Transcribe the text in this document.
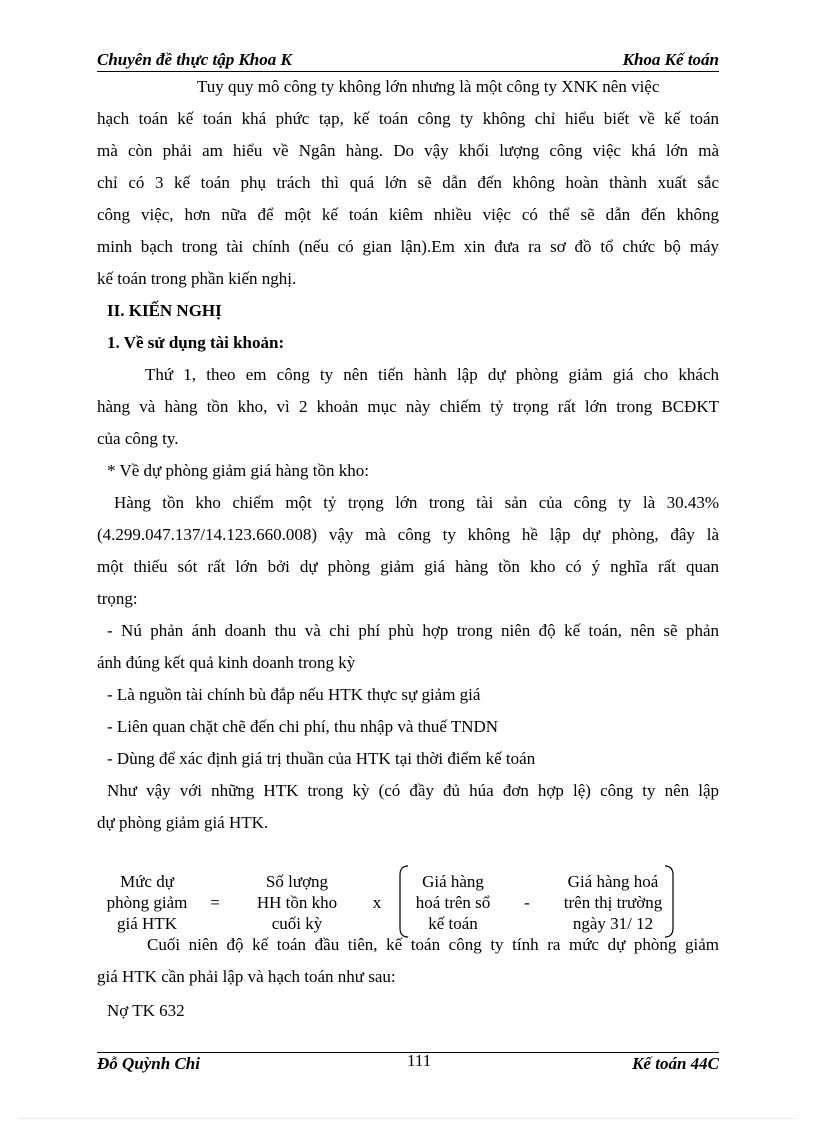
Chuyên đề thực tập Khoa K	Khoa Kế toán
Tuy quy mô công ty không lớn nhưng là một công ty XNK nên việc
hạch toán kế toán khá phức tạp, kế toán công ty không chỉ hiểu biết về kế toán
mà còn phải am hiểu về Ngân hàng. Do vậy khối lượng công việc khá lớn mà
chỉ có 3 kế toán phụ trách thì quá lớn sẽ dẫn đến không hoàn thành xuất sắc
công việc, hơn nữa để một kế toán kiêm nhiều việc có thể sẽ dẫn đến không
minh bạch trong tài chính (nếu có gian lận).Em xin đưa ra sơ đồ tổ chức bộ máy
kế toán trong phần kiến nghị.
II. KIẾN NGHỊ
1. Về sử dụng tài khoản:
Thứ 1, theo em công ty nên tiến hành lập dự phòng giảm giá cho khách
hàng và hàng tồn kho, vì 2 khoản mục này chiếm tỷ trọng rất lớn trong BCĐKT
của công ty.
* Về dự phòng giảm giá hàng tồn kho:
Hàng tồn kho chiếm một tỷ trọng lớn trong tài sản của công ty là 30.43%
(4.299.047.137/14.123.660.008) vậy mà công ty không hề lập dự phòng, đây là
một thiếu sót rất lớn bởi dự phòng giảm giá hàng tồn kho có ý nghĩa rất quan
trọng:
- Nú phản ánh doanh thu và chi phí phù hợp trong niên độ kế toán, nên sẽ phản
ánh đúng kết quả kinh doanh trong kỳ
- Là nguồn tài chính bù đắp nếu HTK thực sự giảm giá
- Liên quan chặt chẽ đến chi phí, thu nhập và thuế TNDN
- Dùng để xác định giá trị thuần của HTK tại thời điểm kế toán
Như vậy với những HTK trong kỳ (có đầy đủ húa đơn hợp lệ) công ty nên lập
dự phòng giảm giá HTK.
Mức dự
phòng giảm
giá HTK
=
Số lượng
HH tồn kho
cuối kỳ
x
Giá hàng
hoá trên sổ
kế toán
-
Giá hàng hoá
trên thị trường
ngày 31/ 12
Cuối niên độ kế toán đầu tiên, kế toán công ty tính ra mức dự phòng giảm
giá HTK cần phải lập và hạch toán như sau:
Nợ TK 632
Đỗ Quỳnh Chi	111	Kế toán 44C
